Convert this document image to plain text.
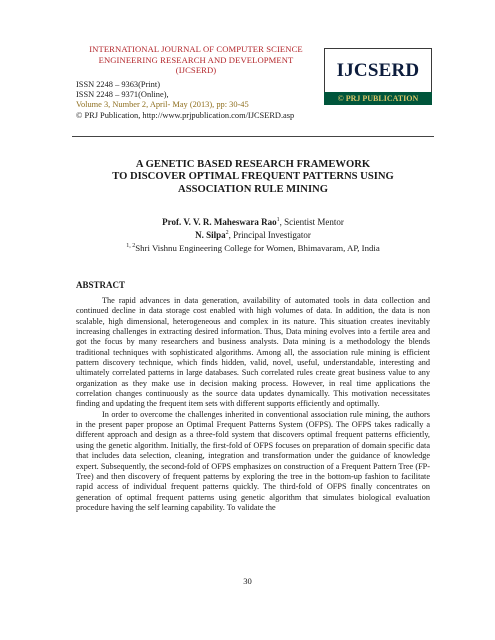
INTERNATIONAL JOURNAL OF COMPUTER SCIENCE
ENGINEERING RESEARCH AND DEVELOPMENT
(IJCSERD)
ISSN 2248 – 9363(Print)
ISSN 2248 – 9371(Online),
Volume 3, Number 2, April- May (2013), pp: 30-45
© PRJ Publication, http://www.prjpublication.com/IJCSERD.asp
IJCSERD
© PRJ PUBLICATION
A GENETIC BASED RESEARCH FRAMEWORK
TO DISCOVER OPTIMAL FREQUENT PATTERNS USING
ASSOCIATION RULE MINING
Prof. V. V. R. Maheswara Rao$^1$, Scientist Mentor
N. Silpa$^2$, Principal Investigator
$^{1, 2}$Shri Vishnu Engineering College for Women, Bhimavaram, AP, India
ABSTRACT

The rapid advances in data generation, availability of automated tools in data collection and continued decline in data storage cost enabled with high volumes of data. In addition, the data is non scalable, high dimensional, heterogeneous and complex in its nature. This situation creates inevitably increasing challenges in extracting desired information. Thus, Data mining evolves into a fertile area and got the focus by many researchers and business analysts. Data mining is a methodology the blends traditional techniques with sophisticated algorithms. Among all, the association rule mining is efficient pattern discovery technique, which finds hidden, valid, novel, useful, understandable, interesting and ultimately correlated patterns in large databases. Such correlated rules create great business value to any organization as they make use in decision making process. However, in real time applications the correlation changes continuously as the source data updates dynamically. This motivation necessitates finding and updating the frequent item sets with different supports efficiently and optimally.

In order to overcome the challenges inherited in conventional association rule mining, the authors in the present paper propose an Optimal Frequent Patterns System (OFPS). The OFPS takes radically a different approach and design as a three-fold system that discovers optimal frequent patterns efficiently, using the genetic algorithm. Initially, the first-fold of OFPS focuses on preparation of domain specific data that includes data selection, cleaning, integration and transformation under the guidance of knowledge expert. Subsequently, the second-fold of OFPS emphasizes on construction of a Frequent Pattern Tree (FP-Tree) and then discovery of frequent patterns by exploring the tree in the bottom-up fashion to facilitate rapid access of individual frequent patterns quickly. The third-fold of OFPS finally concentrates on generation of optimal frequent patterns using genetic algorithm that simulates biological evaluation procedure having the self learning capability. To validate the

30
